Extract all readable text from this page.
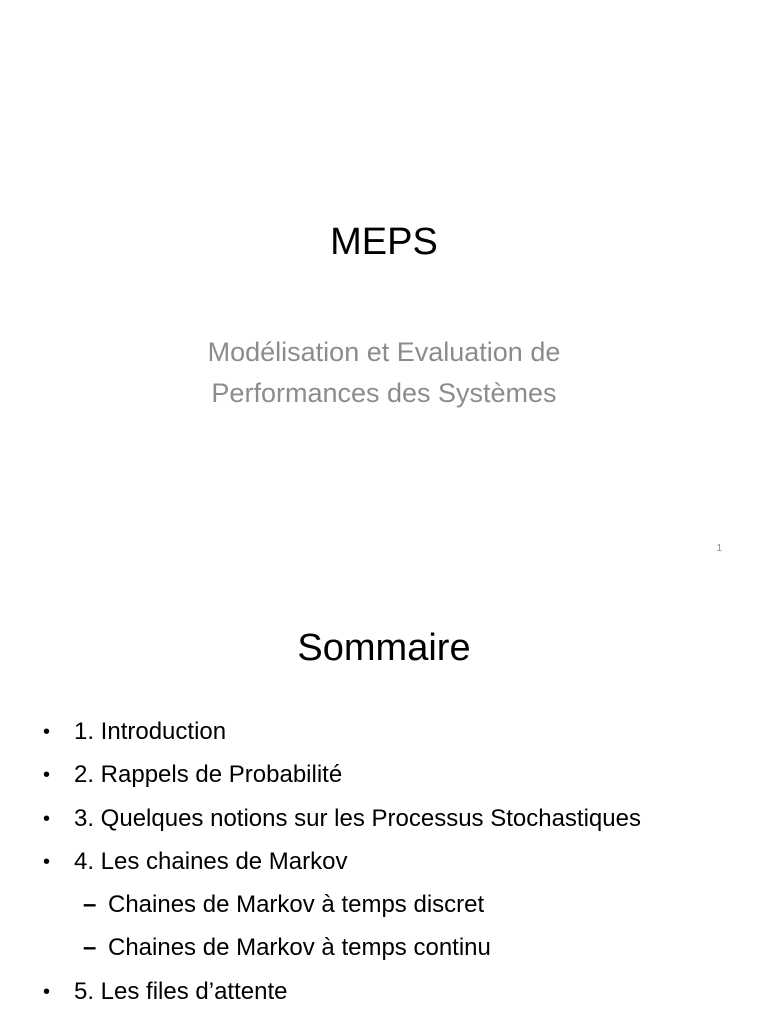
MEPS
Modélisation et Evaluation de
Performances des Systèmes
1
Sommaire
• 1. Introduction
• 2. Rappels de Probabilité
• 3. Quelques notions sur les Processus Stochastiques
• 4. Les chaines de Markov
– Chaines de Markov à temps discret
– Chaines de Markov à temps continu
• 5. Les files d’attente
